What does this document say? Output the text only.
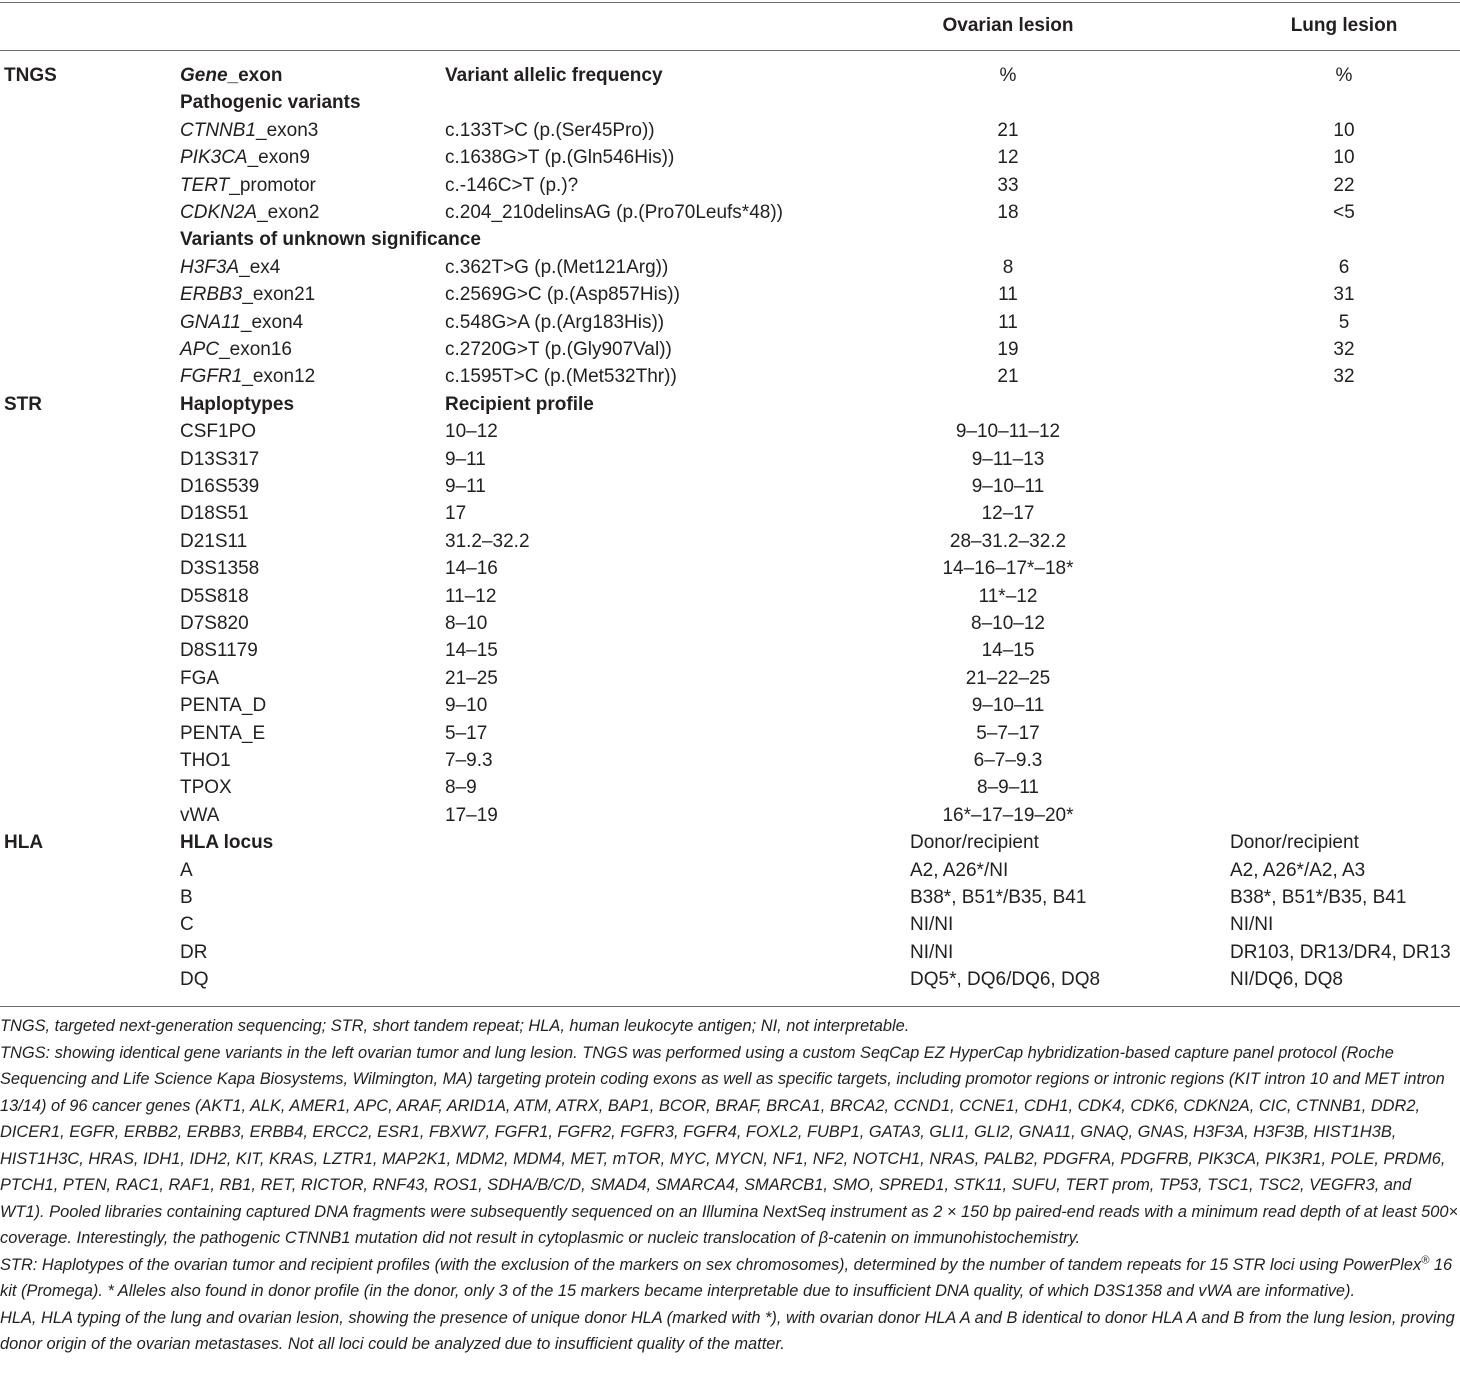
Ovarian lesion	Lung lesion
TNGS	Gene_exon	Variant allelic frequency	%	%
Pathogenic variants
CTNNB1_exon3	c.133T>C (p.(Ser45Pro))	21	10
PIK3CA_exon9	c.1638G>T (p.(Gln546His))	12	10
TERT_promotor	c.-146C>T (p.)?	33	22
CDKN2A_exon2	c.204_210delinsAG (p.(Pro70Leufs*48))	18	<5
Variants of unknown significance
H3F3A_ex4	c.362T>G (p.(Met121Arg))	8	6
ERBB3_exon21	c.2569G>C (p.(Asp857His))	11	31
GNA11_exon4	c.548G>A (p.(Arg183His))	11	5
APC_exon16	c.2720G>T (p.(Gly907Val))	19	32
FGFR1_exon12	c.1595T>C (p.(Met532Thr))	21	32
STR	Haploptypes	Recipient profile
CSF1PO	10–12	9–10–11–12
D13S317	9–11	9–11–13
D16S539	9–11	9–10–11
D18S51	17	12–17
D21S11	31.2–32.2	28–31.2–32.2
D3S1358	14–16	14–16–17*–18*
D5S818	11–12	11*–12
D7S820	8–10	8–10–12
D8S1179	14–15	14–15
FGA	21–25	21–22–25
PENTA_D	9–10	9–10–11
PENTA_E	5–17	5–7–17
THO1	7–9.3	6–7–9.3
TPOX	8–9	8–9–11
vWA	17–19	16*–17–19–20*
HLA	HLA locus	Donor/recipient	Donor/recipient
A	A2, A26*/NI	A2, A26*/A2, A3
B	B38*, B51*/B35, B41	B38*, B51*/B35, B41
C	NI/NI	NI/NI
DR	NI/NI	DR103, DR13/DR4, DR13
DQ	DQ5*, DQ6/DQ6, DQ8	NI/DQ6, DQ8

TNGS, targeted next-generation sequencing; STR, short tandem repeat; HLA, human leukocyte antigen; NI, not interpretable.

TNGS: showing identical gene variants in the left ovarian tumor and lung lesion. TNGS was performed using a custom SeqCap EZ HyperCap hybridization-based capture panel protocol (Roche Sequencing and Life Science Kapa Biosystems, Wilmington, MA) targeting protein coding exons as well as specific targets, including promotor regions or intronic regions (KIT intron 10 and MET intron 13/14) of 96 cancer genes (AKT1, ALK, AMER1, APC, ARAF, ARID1A, ATM, ATRX, BAP1, BCOR, BRAF, BRCA1, BRCA2, CCND1, CCNE1, CDH1, CDK4, CDK6, CDKN2A, CIC, CTNNB1, DDR2, DICER1, EGFR, ERBB2, ERBB3, ERBB4, ERCC2, ESR1, FBXW7, FGFR1, FGFR2, FGFR3, FGFR4, FOXL2, FUBP1, GATA3, GLI1, GLI2, GNA11, GNAQ, GNAS, H3F3A, H3F3B, HIST1H3B, HIST1H3C, HRAS, IDH1, IDH2, KIT, KRAS, LZTR1, MAP2K1, MDM2, MDM4, MET, mTOR, MYC, MYCN, NF1, NF2, NOTCH1, NRAS, PALB2, PDGFRA, PDGFRB, PIK3CA, PIK3R1, POLE, PRDM6, PTCH1, PTEN, RAC1, RAF1, RB1, RET, RICTOR, RNF43, ROS1, SDHA/B/C/D, SMAD4, SMARCA4, SMARCB1, SMO, SPRED1, STK11, SUFU, TERT prom, TP53, TSC1, TSC2, VEGFR3, and WT1). Pooled libraries containing captured DNA fragments were subsequently sequenced on an Illumina NextSeq instrument as 2 × 150 bp paired-end reads with a minimum read depth of at least 500× coverage. Interestingly, the pathogenic CTNNB1 mutation did not result in cytoplasmic or nucleic translocation of β-catenin on immunohistochemistry.

STR: Haplotypes of the ovarian tumor and recipient profiles (with the exclusion of the markers on sex chromosomes), determined by the number of tandem repeats for 15 STR loci using PowerPlex® 16 kit (Promega). * Alleles also found in donor profile (in the donor, only 3 of the 15 markers became interpretable due to insufficient DNA quality, of which D3S1358 and vWA are informative).

HLA, HLA typing of the lung and ovarian lesion, showing the presence of unique donor HLA (marked with *), with ovarian donor HLA A and B identical to donor HLA A and B from the lung lesion, proving donor origin of the ovarian metastases. Not all loci could be analyzed due to insufficient quality of the matter.
